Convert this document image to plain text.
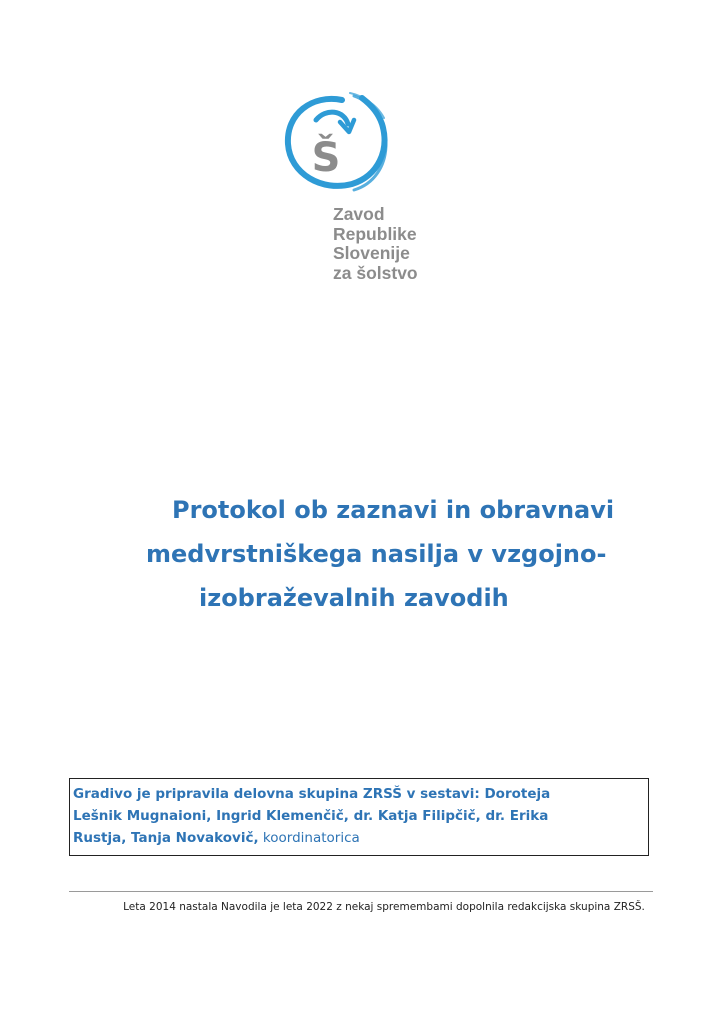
Š
Zavod
Republike
Slovenije
za šolstvo
Protokol ob zaznavi in obravnavi
medvrstniškega nasilja v vzgojno-
izobraževalnih zavodih
Gradivo je pripravila delovna skupina ZRSŠ v sestavi: Doroteja
Lešnik Mugnaioni, Ingrid Klemenčič, dr. Katja Filipčič, dr. Erika
Rustja, Tanja Novakovič, koordinatorica
Leta 2014 nastala Navodila je leta 2022 z nekaj spremembami dopolnila redakcijska skupina ZRSŠ.
